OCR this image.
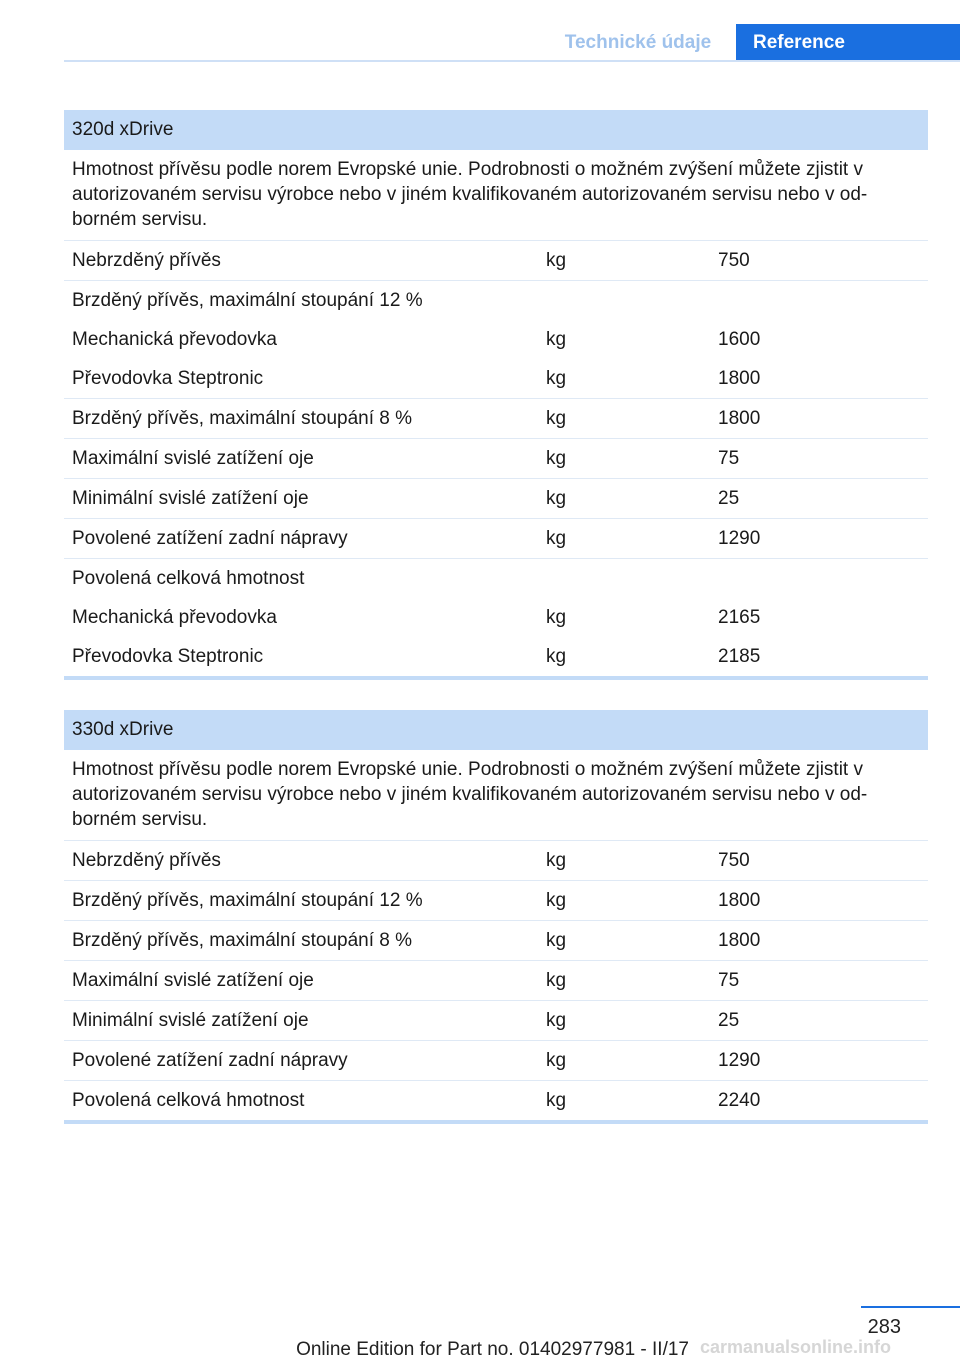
Technické údaje	Reference
320d xDrive		
Hmotnost přívěsu podle norem Evropské unie. Podrobnosti o možném zvýšení můžete zjistit v autorizovaném servisu výrobce nebo v jiném kvalifikovaném autorizovaném servisu nebo v odborném servisu.		
Nebrzděný přívěs	kg	750
Brzděný přívěs, maximální stoupání 12 %		
Mechanická převodovka	kg	1600
Převodovka Steptronic	kg	1800
Brzděný přívěs, maximální stoupání 8 %	kg	1800
Maximální svislé zatížení oje	kg	75
Minimální svislé zatížení oje	kg	25
Povolené zatížení zadní nápravy	kg	1290
Povolená celková hmotnost		
Mechanická převodovka	kg	2165
Převodovka Steptronic	kg	2185
330d xDrive		
Hmotnost přívěsu podle norem Evropské unie. Podrobnosti o možném zvýšení můžete zjistit v autorizovaném servisu výrobce nebo v jiném kvalifikovaném autorizovaném servisu nebo v odborném servisu.		
Nebrzděný přívěs	kg	750
Brzděný přívěs, maximální stoupání 12 %	kg	1800
Brzděný přívěs, maximální stoupání 8 %	kg	1800
Maximální svislé zatížení oje	kg	75
Minimální svislé zatížení oje	kg	25
Povolené zatížení zadní nápravy	kg	1290
Povolená celková hmotnost	kg	2240
283
Online Edition for Part no. 01402977981 - II/17 carmanualsonline.info
